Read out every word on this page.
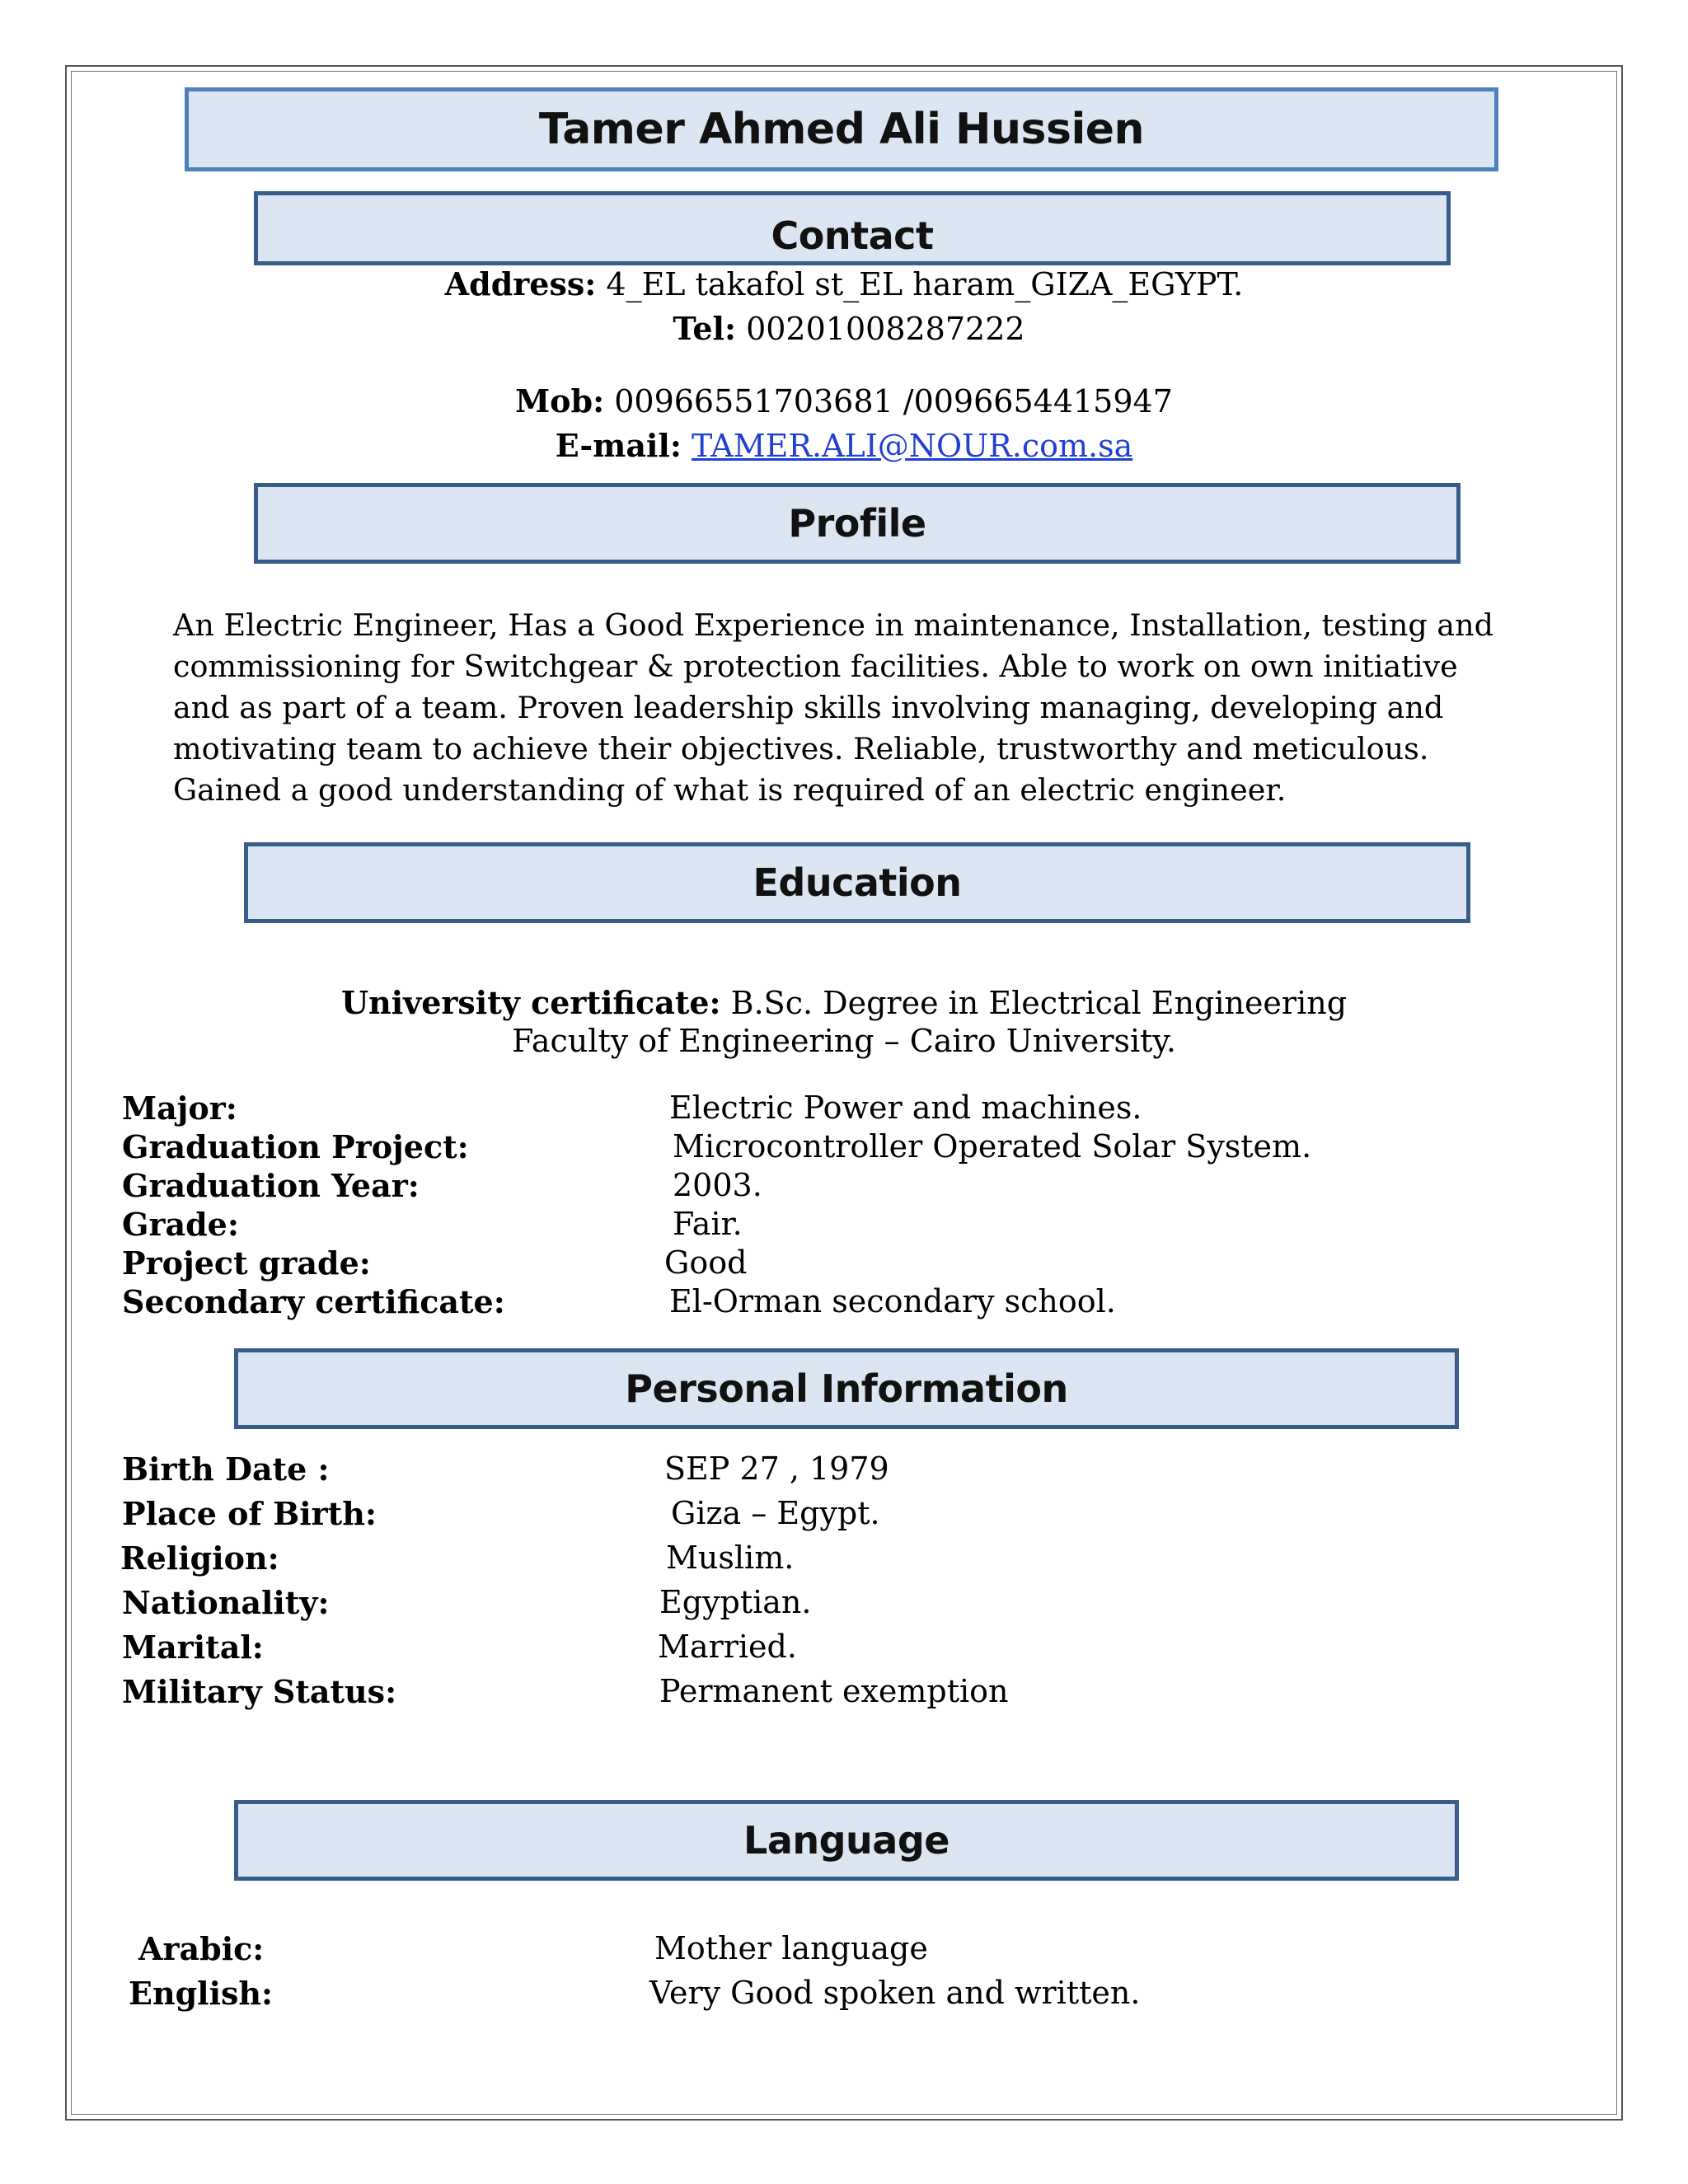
Tamer Ahmed Ali Hussien
Contact
Address: 4_EL takafol st_EL haram_GIZA_EGYPT.
Tel: 00201008287222
Mob: 00966551703681 /0096654415947
E-mail: TAMER.ALI@NOUR.com.sa
Profile
An Electric Engineer, Has a Good Experience in maintenance, Installation, testing and commissioning for Switchgear & protection facilities. Able to work on own initiative and as part of a team. Proven leadership skills involving managing, developing and motivating team to achieve their objectives. Reliable, trustworthy and meticulous. Gained a good understanding of what is required of an electric engineer.
Education
University certificate: B.Sc. Degree in Electrical Engineering
Faculty of Engineering – Cairo University.
Major:	Electric Power and machines.
Graduation Project:	Microcontroller Operated Solar System.
Graduation Year:	2003.
Grade:	Fair.
Project grade:	Good
Secondary certificate:	El-Orman secondary school.
Personal Information
Birth Date :	SEP 27 , 1979
Place of Birth:	Giza – Egypt.
Religion:	Muslim.
Nationality:	Egyptian.
Marital:	Married.
Military Status:	Permanent exemption
Language
Arabic:	Mother language
English:	Very Good spoken and written.
